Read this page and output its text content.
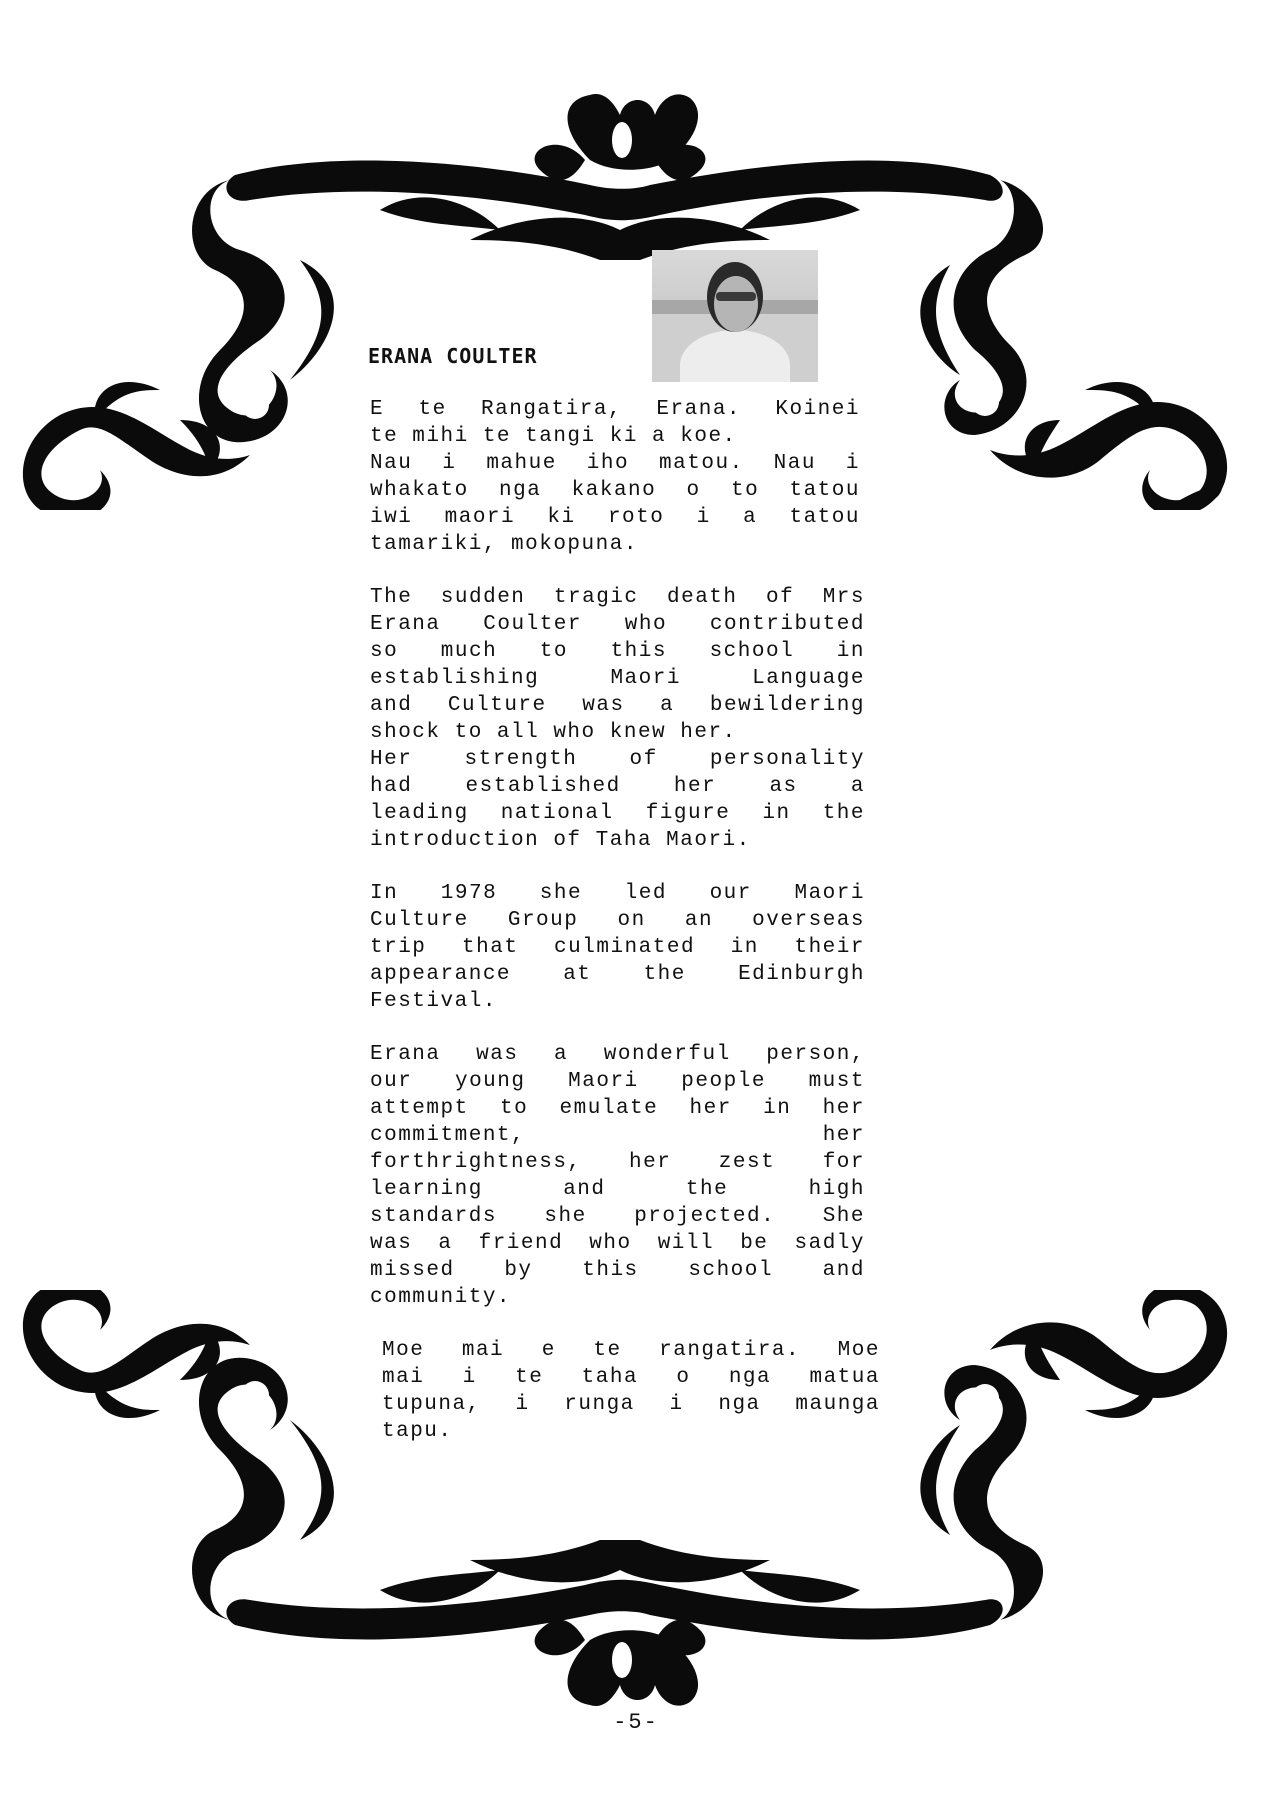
ERANA COULTER
E te Rangatira, Erana. Koinei
te mihi te tangi ki a koe.
Nau i mahue iho matou. Nau i
whakato nga kakano o to tatou
iwi maori ki roto i a tatou
tamariki, mokopuna.
The sudden tragic death of Mrs
Erana Coulter who contributed
so much to this school in
establishing Maori Language
and Culture was a bewildering
shock to all who knew her.
Her strength of personality
had established her as a
leading national figure in the
introduction of Taha Maori.
In 1978 she led our Maori
Culture Group on an overseas
trip that culminated in their
appearance at the Edinburgh
Festival.
Erana was a wonderful person,
our young Maori people must
attempt to emulate her in her
commitment, her
forthrightness, her zest for
learning and the high
standards she projected. She
was a friend who will be sadly
missed by this school and
community.
Moe mai e te rangatira. Moe
mai i te taha o nga matua
tupuna, i runga i nga maunga
tapu.
-5-
